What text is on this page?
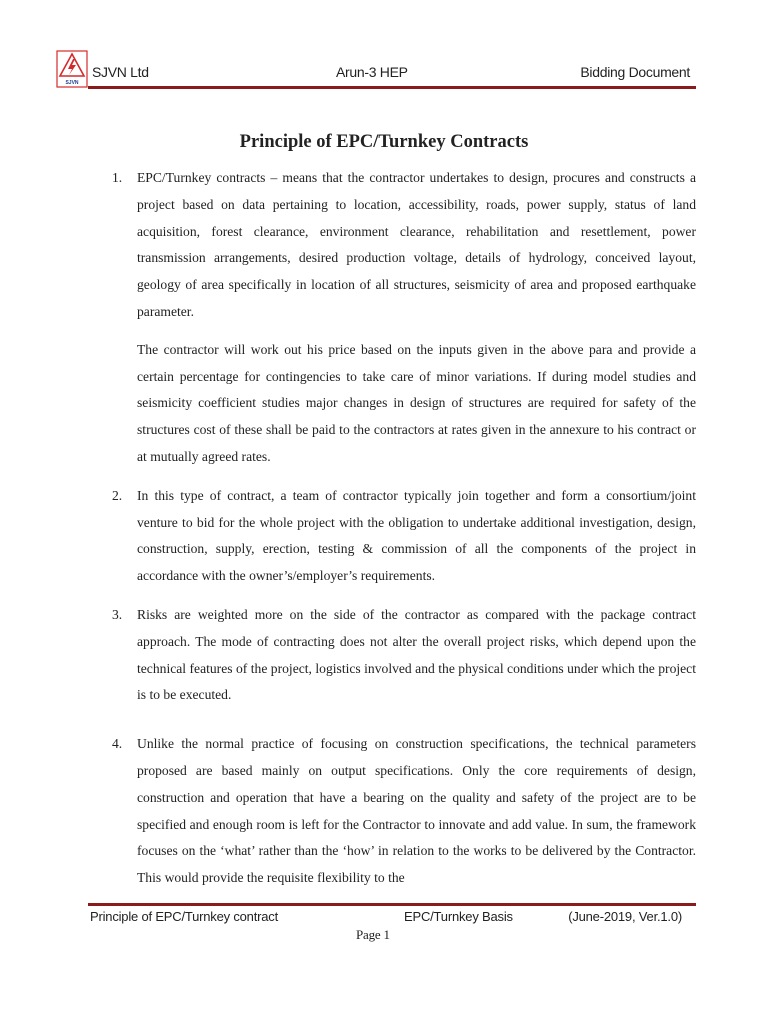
SJVN
SJVN Ltd	Arun-3 HEP	Bidding Document
Principle of EPC/Turnkey Contracts
1. EPC/Turnkey contracts – means that the contractor undertakes to design, procures and constructs a project based on data pertaining to location, accessibility, roads, power supply, status of land acquisition, forest clearance, environment clearance, rehabilitation and resettlement, power transmission arrangements, desired production voltage, details of hydrology, conceived layout, geology of area specifically in location of all structures, seismicity of area and proposed earthquake parameter.

The contractor will work out his price based on the inputs given in the above para and provide a certain percentage for contingencies to take care of minor variations. If during model studies and seismicity coefficient studies major changes in design of structures are required for safety of the structures cost of these shall be paid to the contractors at rates given in the annexure to his contract or at mutually agreed rates.

2. In this type of contract, a team of contractor typically join together and form a consortium/joint venture to bid for the whole project with the obligation to undertake additional investigation, design, construction, supply, erection, testing & commission of all the components of the project in accordance with the owner’s/employer’s requirements.

3. Risks are weighted more on the side of the contractor as compared with the package contract approach. The mode of contracting does not alter the overall project risks, which depend upon the technical features of the project, logistics involved and the physical conditions under which the project is to be executed.

4. Unlike the normal practice of focusing on construction specifications, the technical parameters proposed are based mainly on output specifications. Only the core requirements of design, construction and operation that have a bearing on the quality and safety of the project are to be specified and enough room is left for the Contractor to innovate and add value. In sum, the framework focuses on the ‘what’ rather than the ‘how’ in relation to the works to be delivered by the Contractor. This would provide the requisite flexibility to the

Principle of EPC/Turnkey contract	EPC/Turnkey Basis	(June-2019, Ver.1.0)
Page 1
